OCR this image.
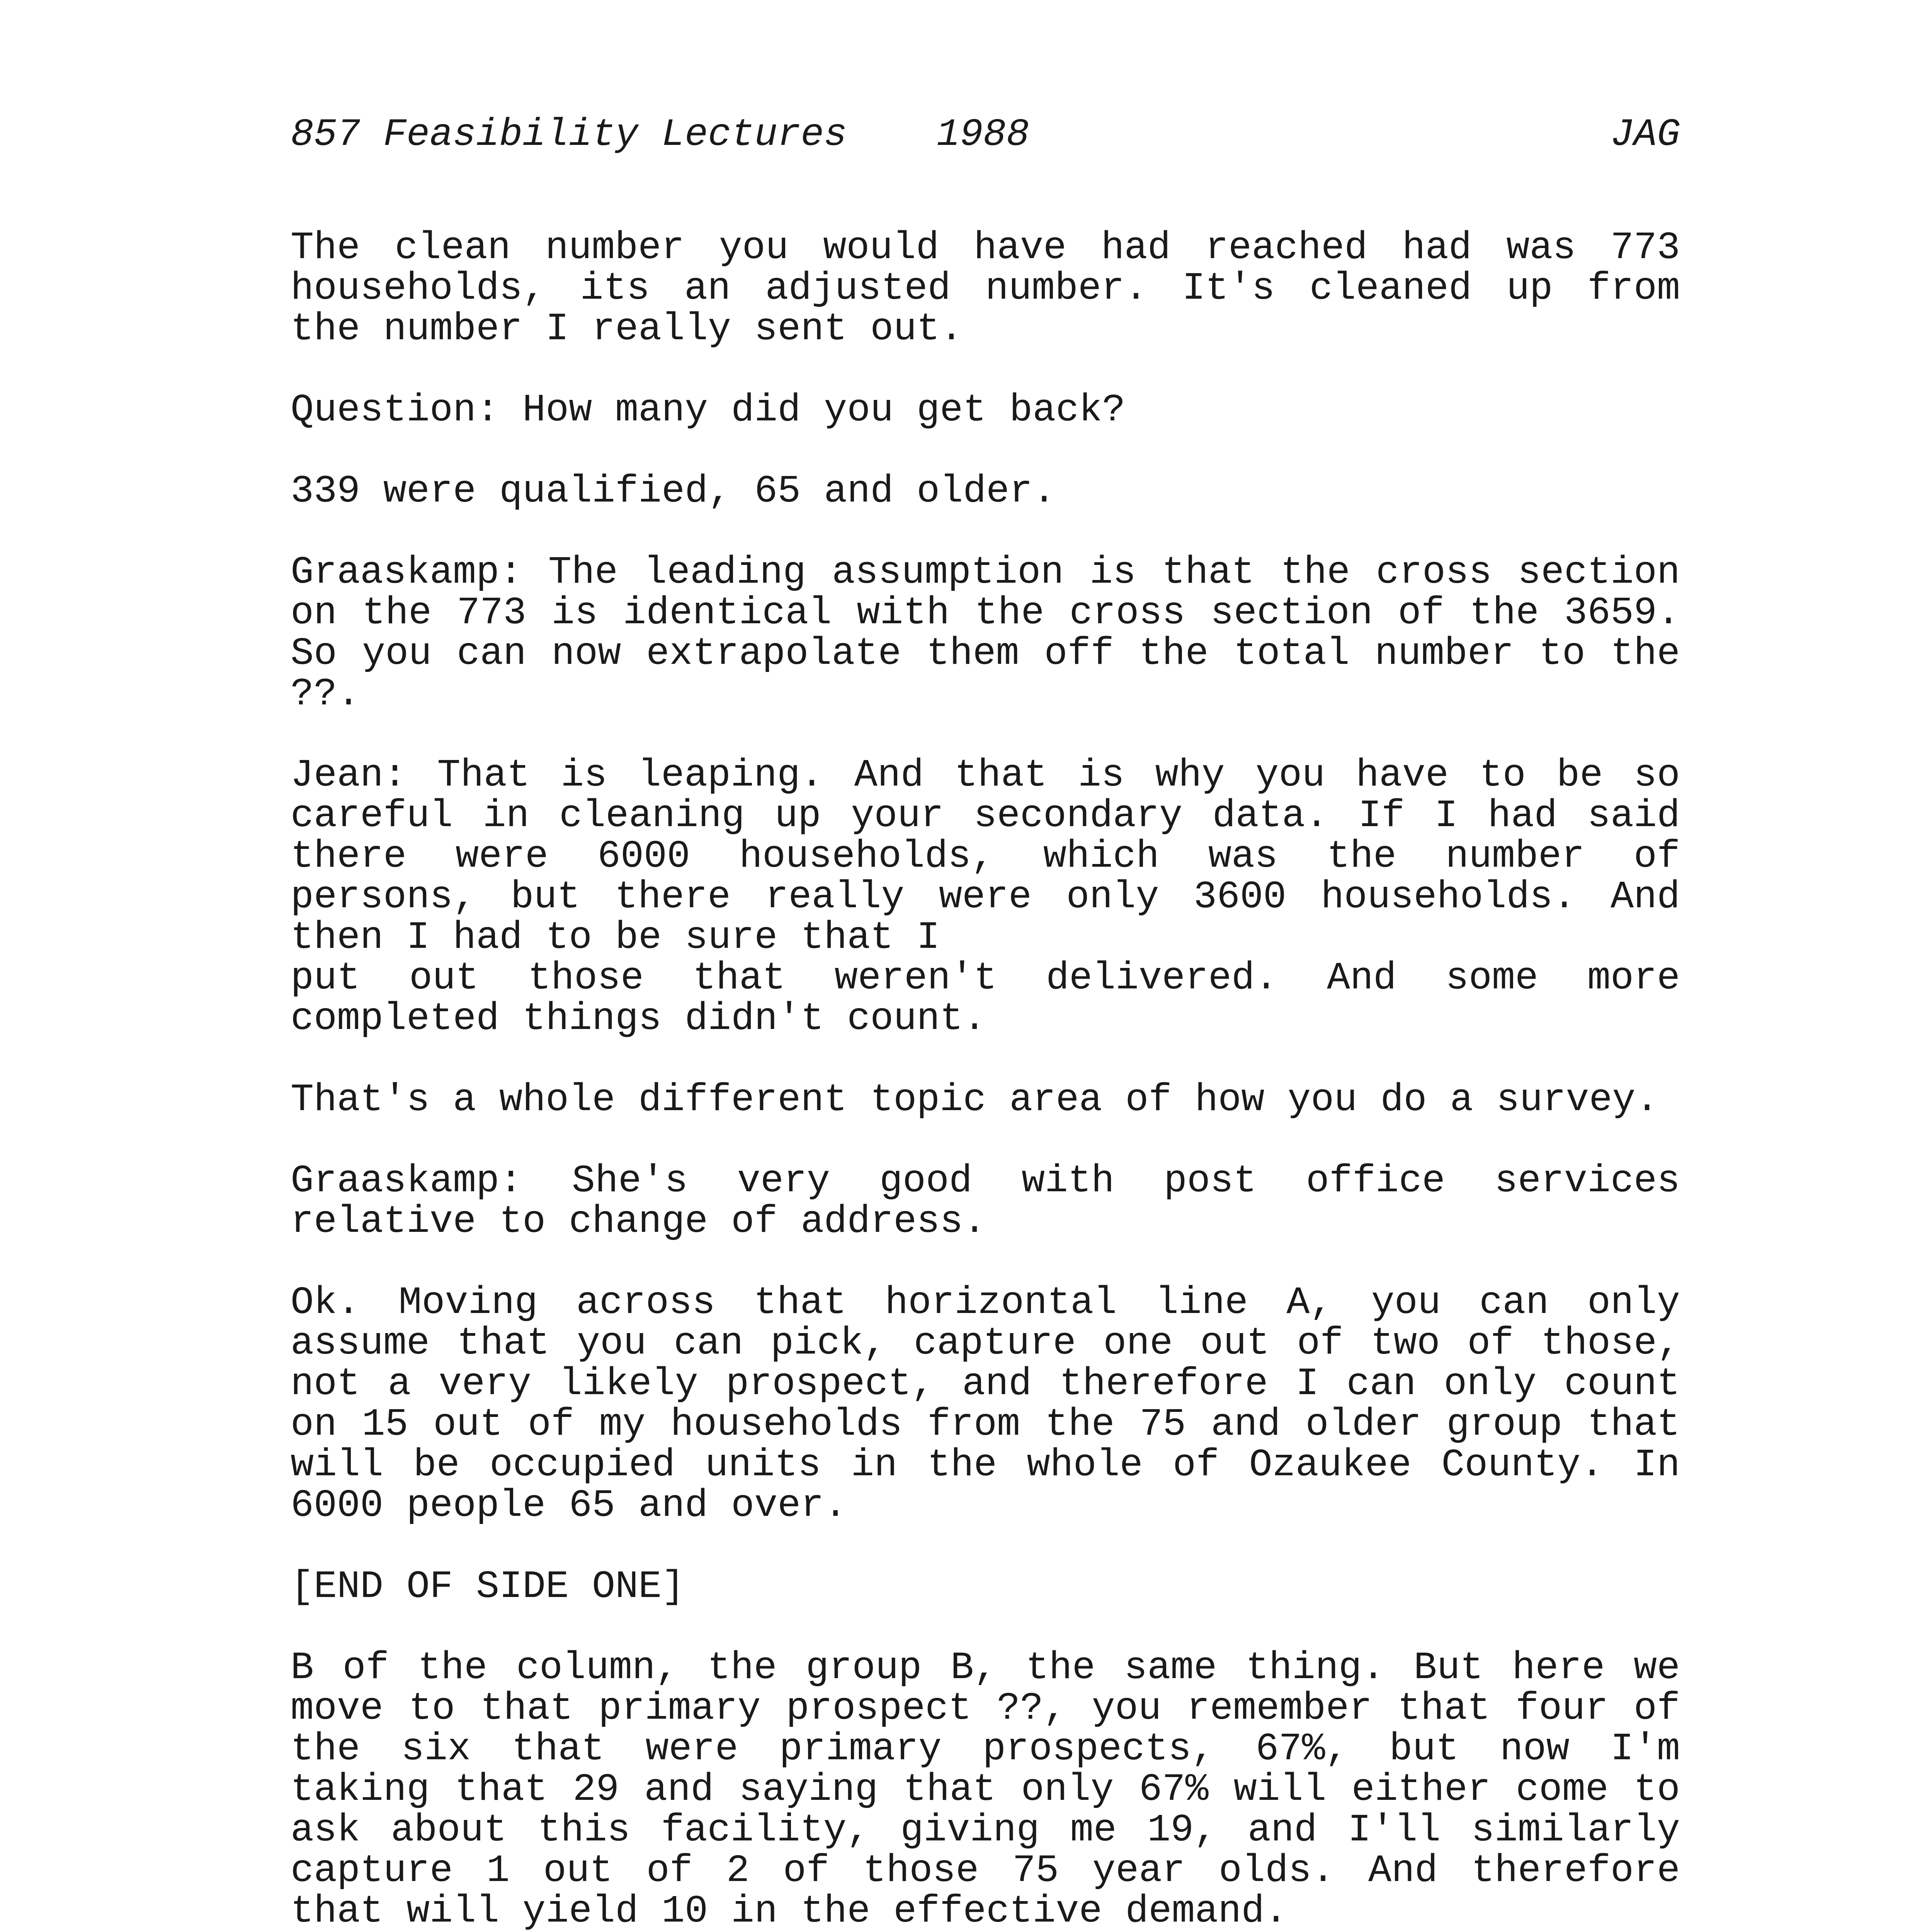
857 Feasibility Lectures 1988	JAG

The clean number you would have had reached had was 773 households, its an adjusted number. It's cleaned up from the number I really sent out.

Question: How many did you get back?

339 were qualified, 65 and older.

Graaskamp: The leading assumption is that the cross section on the 773 is identical with the cross section of the 3659. So you can now extrapolate them off the total number to the ??.

Jean: That is leaping. And that is why you have to be so careful in cleaning up your secondary data. If I had said there were 6000 households, which was the number of persons, but there really were only 3600 households. And then I had to be sure that I

put out those that weren't delivered. And some more completed things didn't count.

That's a whole different topic area of how you do a survey.

Graaskamp: She's very good with post office services relative to change of address.

Ok. Moving across that horizontal line A, you can only assume that you can pick, capture one out of two of those, not a very likely prospect, and therefore I can only count on 15 out of my households from the 75 and older group that will be occupied units in the whole of Ozaukee County. In 6000 people 65 and over.

[END OF SIDE ONE]

B of the column, the group B, the same thing. But here we move to that primary prospect ??, you remember that four of the six that were primary prospects, 67%, but now I'm taking that 29 and saying that only 67% will either come to ask about this facility, giving me 19, and I'll similarly capture 1 out of 2 of those 75 year olds. And therefore that will yield 10 in the effective demand.
